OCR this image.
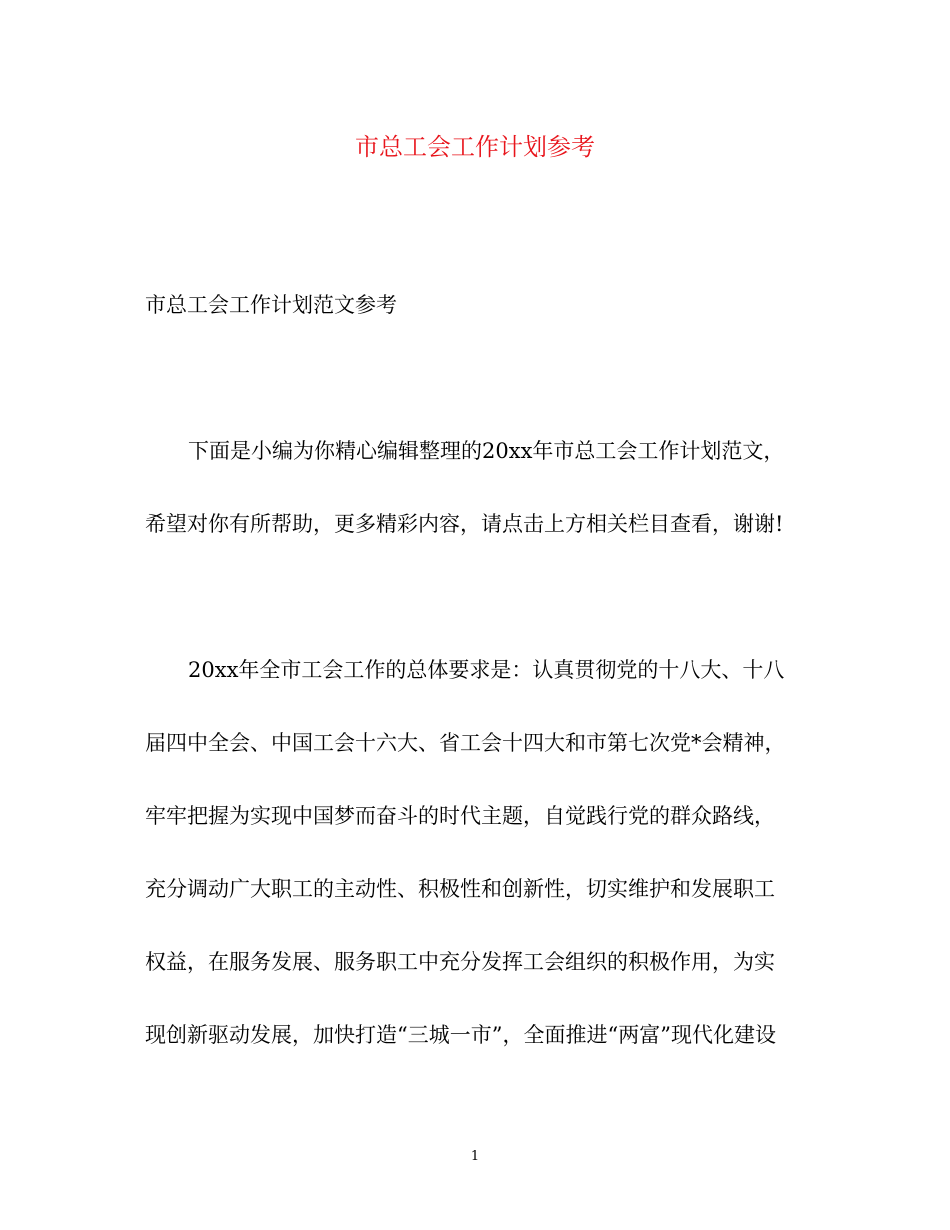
市总工会工作计划参考
市总工会工作计划范文参考
下面是小编为你精心编辑整理的20xx年市总工会工作计划范文，
希望对你有所帮助，更多精彩内容，请点击上方相关栏目查看，谢谢!
20xx年全市工会工作的总体要求是：认真贯彻党的十八大、十八
届四中全会、中国工会十六大、省工会十四大和市第七次党*会精神，
牢牢把握为实现中国梦而奋斗的时代主题，自觉践行党的群众路线，
充分调动广大职工的主动性、积极性和创新性，切实维护和发展职工
权益，在服务发展、服务职工中充分发挥工会组织的积极作用，为实
现创新驱动发展，加快打造“三城一市”，全面推进“两富”现代化建设
1
